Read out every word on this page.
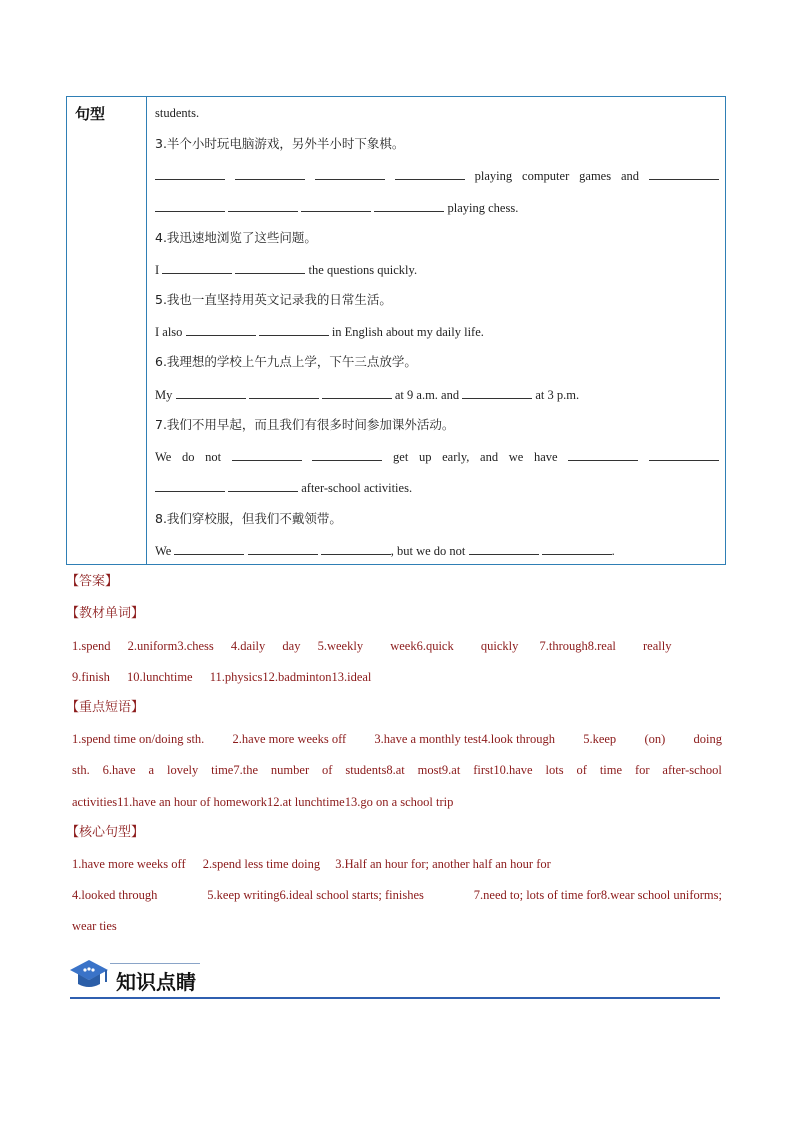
句型	students.
3.半个小时玩电脑游戏，另外半小时下象棋。
playing computer games and
playing chess.
4.我迅速地浏览了这些问题。
I	the questions quickly.
5.我也一直坚持用英文记录我的日常生活。
I also	in English about my daily life.
6.我理想的学校上午九点上学，下午三点放学。
My	at 9 a.m. and	at 3 p.m.
7.我们不用早起，而且我们有很多时间参加课外活动。
We do not	get up early, and we have
after-school activities.
8.我们穿校服，但我们不戴领带。
We	, but we do not	.
【答案】
【教材单词】
1.spend 2.uniform3.chess 4.daily day 5.weekly week6.quick quickly 7.through8.real really
9.finish 10.lunchtime 11.physics12.badminton13.ideal
【重点短语】
1.spend time on/doing sth. 2.have more weeks off 3.have a monthly test4.look through 5.keep (on) doing
sth. 6.have a lovely time7.the number of students8.at most9.at first10.have lots of time for after-school
activities11.have an hour of homework12.at lunchtime13.go on a school trip
【核心句型】
1.have more weeks off 2.spend less time doing 3.Half an hour for; another half an hour for
4.looked through	5.keep writing6.ideal school starts; finishes	7.need to; lots of time for8.wear school uniforms;
wear ties
知识点睛
